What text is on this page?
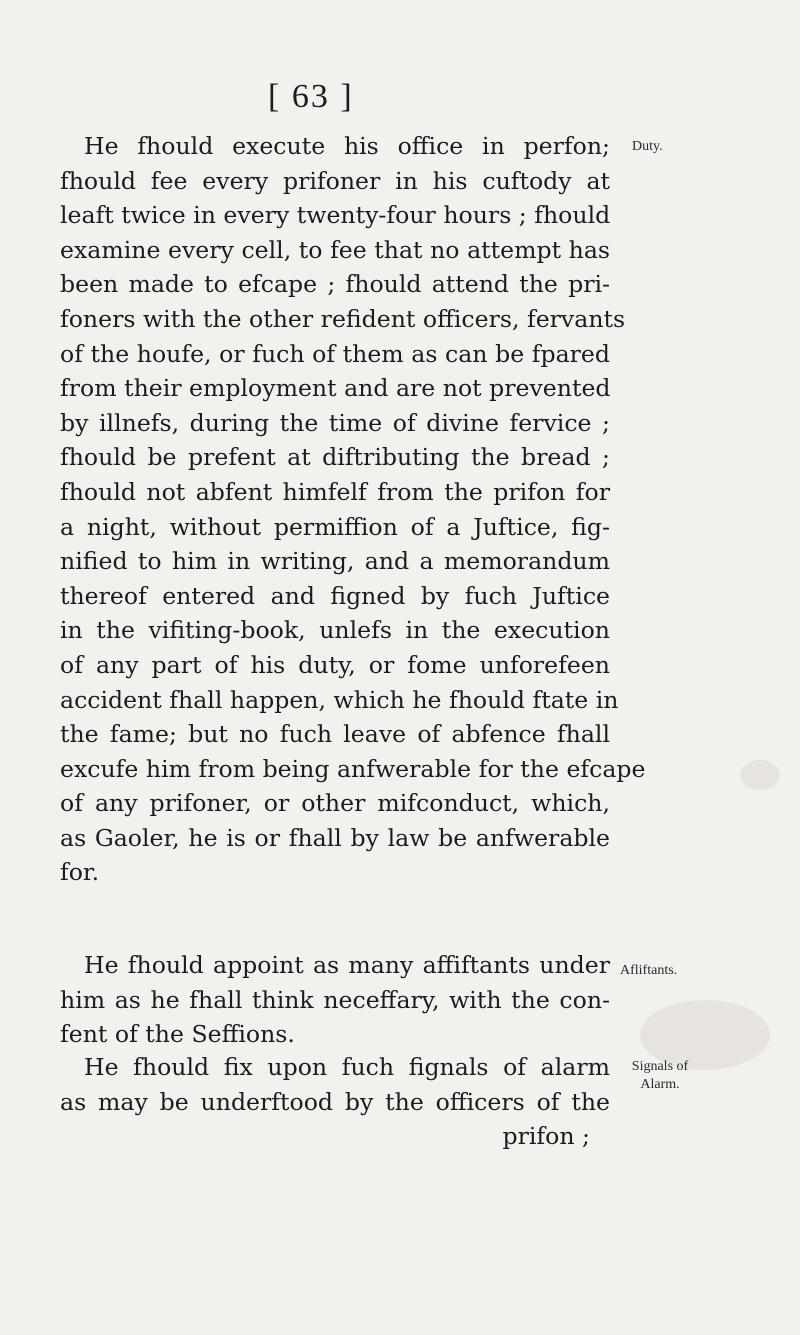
[ 63 ]
Duty.
Afliftants.
Signals of
Alarm.
He fhould execute his office in perfon;
fhould fee every prifoner in his cuftody at
leaft twice in every twenty-four hours ; fhould
examine every cell, to fee that no attempt has
been made to efcape ; fhould attend the pri-
foners with the other refident officers, fervants
of the houfe, or fuch of them as can be fpared
from their employment and are not prevented
by illnefs, during the time of divine fervice ;
fhould be prefent at diftributing the bread ;
fhould not abfent himfelf from the prifon for
a night, without permiffion of a Juftice, fig-
nified to him in writing, and a memorandum
thereof entered and figned by fuch Juftice
in the vifiting-book, unlefs in the execution
of any part of his duty, or fome unforefeen
accident fhall happen, which he fhould ftate in
the fame; but no fuch leave of abfence fhall
excufe him from being anfwerable for the efcape
of any prifoner, or other mifconduct, which,
as Gaoler, he is or fhall by law be anfwerable
for.
He fhould appoint as many affiftants under
him as he fhall think neceffary, with the con-
fent of the Seffions.
He fhould fix upon fuch fignals of alarm
as may be underftood by the officers of the
prifon ;
